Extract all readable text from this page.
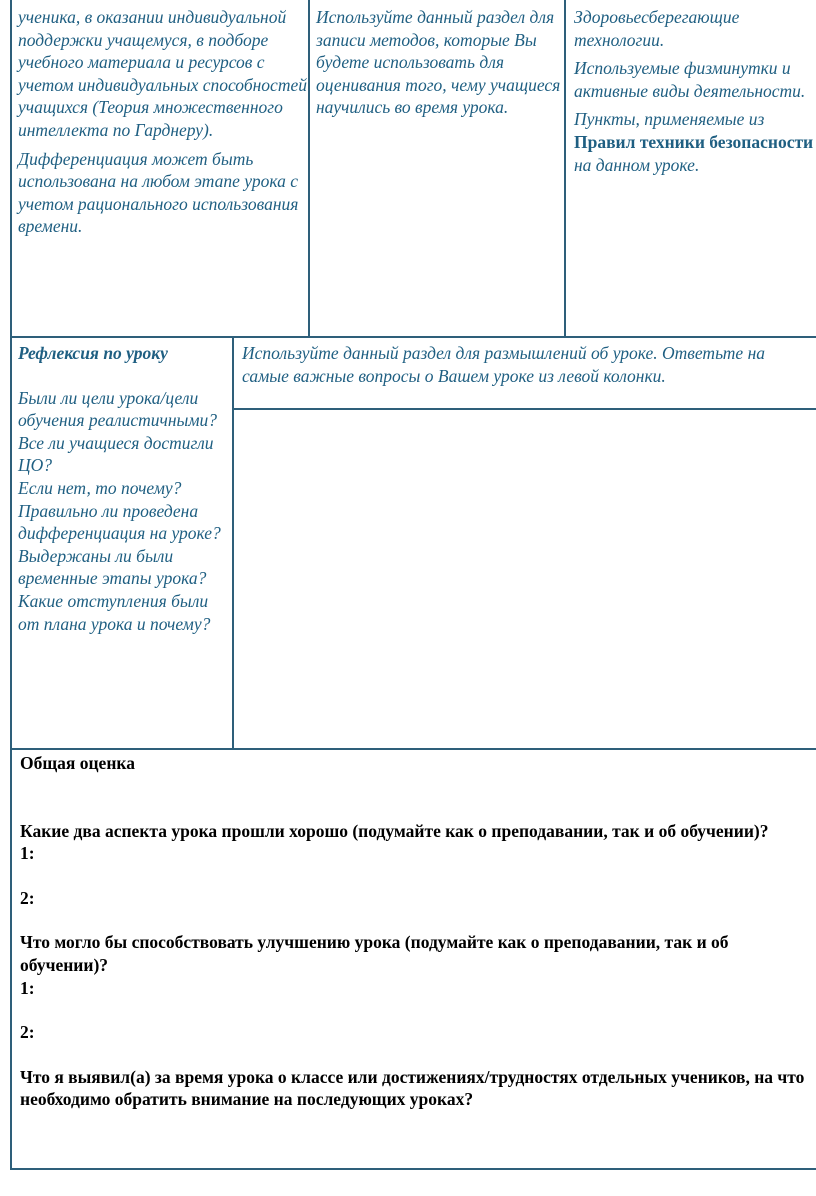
ученика, в оказании индивидуальной поддержки учащемуся, в подборе учебного материала и ресурсов с учетом индивидуальных способностей учащихся (Теория множественного интеллекта по Гарднеру).

Дифференциация может быть использована на любом этапе урока с учетом рационального использования времени.

Используйте данный раздел для записи методов, которые Вы будете использовать для оценивания того, чему учащиеся научились во время урока.

Здоровьесберегающие технологии.

Используемые физминутки и активные виды деятельности.

Пункты, применяемые из Правил техники безопасности на данном уроке.

Рефлексия по уроку

Были ли цели урока/цели обучения реалистичными?
Все ли учащиеся достигли ЦО?
Если нет, то почему?
Правильно ли проведена дифференциация на уроке?
Выдержаны ли были временные этапы урока?
Какие отступления были от плана урока и почему?

Используйте данный раздел для размышлений об уроке. Ответьте на самые важные вопросы о Вашем уроке из левой колонки.

Общая оценка

Какие два аспекта урока прошли хорошо (подумайте как о преподавании, так и об обучении)?

1:

2:

Что могло бы способствовать улучшению урока (подумайте как о преподавании, так и об обучении)?

1:

2:

Что я выявил(а) за время урока о классе или достижениях/трудностях отдельных учеников, на что необходимо обратить внимание на последующих уроках?
